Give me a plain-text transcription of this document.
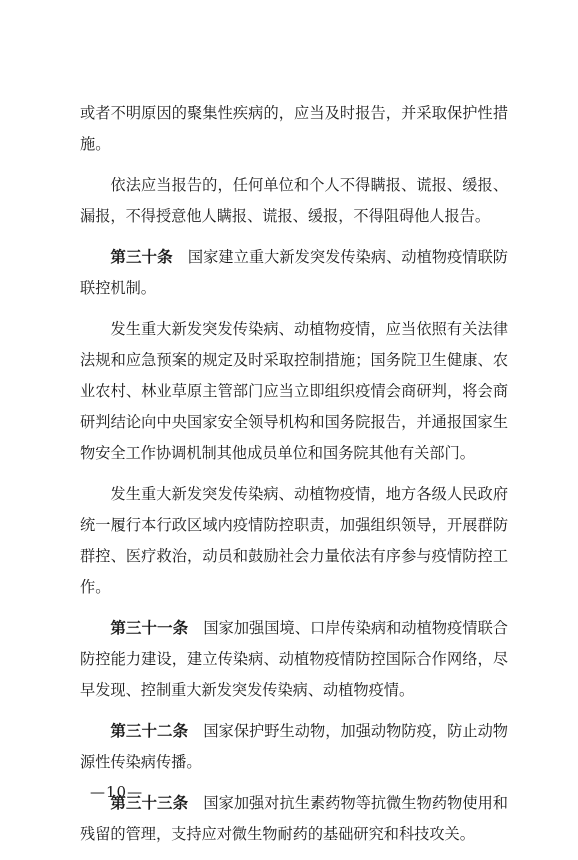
或者不明原因的聚集性疾病的，应当及时报告，并采取保护性措施。

依法应当报告的，任何单位和个人不得瞒报、谎报、缓报、漏报，不得授意他人瞒报、谎报、缓报，不得阻碍他人报告。

第三十条 国家建立重大新发突发传染病、动植物疫情联防联控机制。

发生重大新发突发传染病、动植物疫情，应当依照有关法律法规和应急预案的规定及时采取控制措施；国务院卫生健康、农业农村、林业草原主管部门应当立即组织疫情会商研判，将会商研判结论向中央国家安全领导机构和国务院报告，并通报国家生物安全工作协调机制其他成员单位和国务院其他有关部门。

发生重大新发突发传染病、动植物疫情，地方各级人民政府统一履行本行政区域内疫情防控职责，加强组织领导，开展群防群控、医疗救治，动员和鼓励社会力量依法有序参与疫情防控工作。

第三十一条 国家加强国境、口岸传染病和动植物疫情联合防控能力建设，建立传染病、动植物疫情防控国际合作网络，尽早发现、控制重大新发突发传染病、动植物疫情。

第三十二条 国家保护野生动物，加强动物防疫，防止动物源性传染病传播。

第三十三条 国家加强对抗生素药物等抗微生物药物使用和残留的管理，支持应对微生物耐药的基础研究和科技攻关。

—10—
